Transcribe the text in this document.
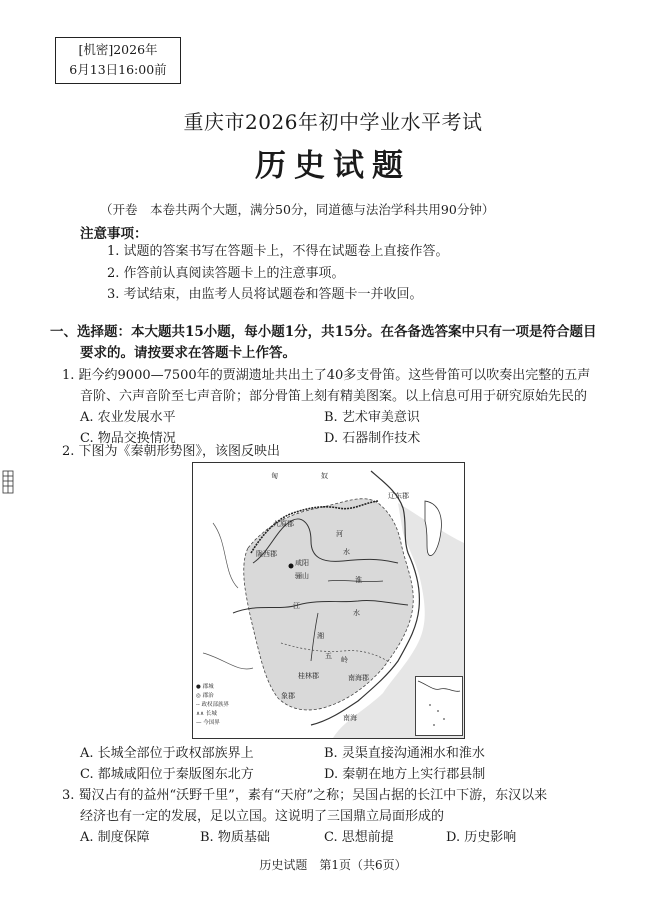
[机密]2026年
6月13日16:00前
重庆市2026年初中学业水平考试
历史试题
（开卷　本卷共两个大题，满分50分，同道德与法治学科共用90分钟）
注意事项：
1. 试题的答案书写在答题卡上，不得在试题卷上直接作答。
2. 作答前认真阅读答题卡上的注意事项。
3. 考试结束，由监考人员将试题卷和答题卡一并收回。
一、选择题：本大题共15小题，每小题1分，共15分。在各备选答案中只有一项是符合题目
要求的。请按要求在答题卡上作答。
1. 距今约9000—7500年的贾湖遗址共出土了40多支骨笛。这些骨笛可以吹奏出完整的五声
音阶、六声音阶至七声音阶；部分骨笛上刻有精美图案。以上信息可用于研究原始先民的
A. 农业发展水平	B. 艺术审美意识
C. 物品交换情况	D. 石器制作技术
2. 下图为《秦朝形势图》，该图反映出
匈	奴
九原郡
辽东郡
陇西郡
咸阳
骊山
河
水
淮
江
水
湘
五 岭
桂林郡	南海郡
象郡
南海
● 郡城
◎ 郡治
-- 政权部族界
∧∧ 长城
— 今国界
A. 长城全部位于政权部族界上	B. 灵渠直接沟通湘水和淮水
C. 都城咸阳位于秦版图东北方	D. 秦朝在地方上实行郡县制
3. 蜀汉占有的益州“沃野千里”，素有“天府”之称；吴国占据的长江中下游，东汉以来
经济也有一定的发展，足以立国。这说明了三国鼎立局面形成的
A. 制度保障	B. 物质基础	C. 思想前提	D. 历史影响
历史试题　第1页（共6页）
